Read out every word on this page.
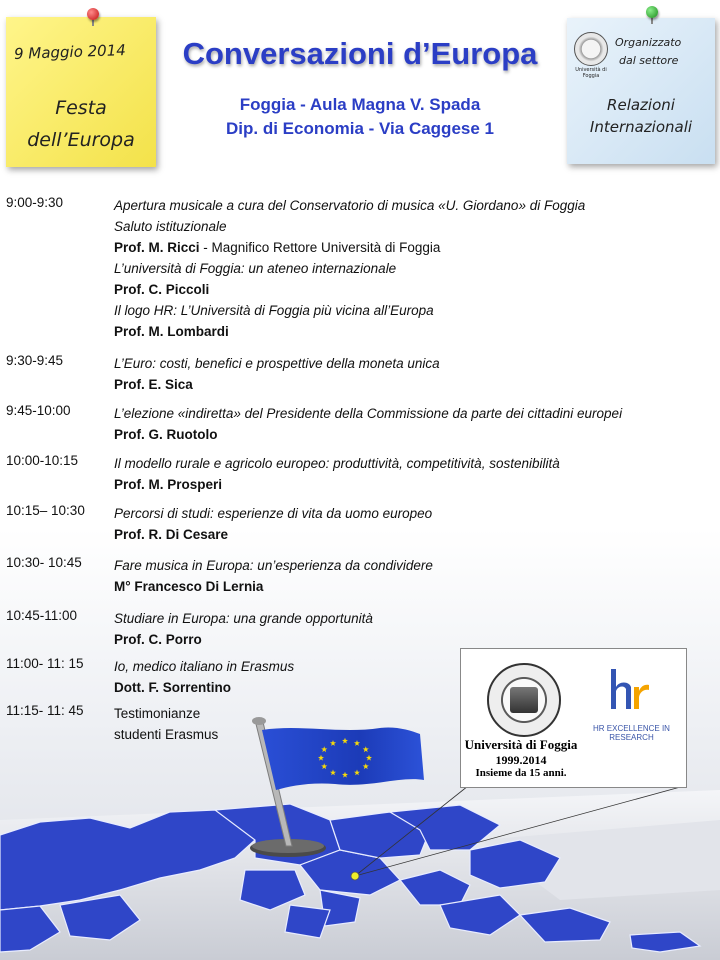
9 Maggio 2014
Festa
dell’Europa
Università di Foggia
Organizzato
dal settore
Relazioni
Internazionali
Conversazioni d’Europa
Foggia - Aula Magna V. Spada
Dip. di Economia - Via Caggese 1
9:00-9:30	Apertura musicale a cura del Conservatorio di musica «U. Giordano» di Foggia
Saluto istituzionale
Prof. M. Ricci - Magnifico Rettore Università di Foggia
L’università di Foggia: un ateneo internazionale
Prof. C. Piccoli
Il logo HR: L’Università di Foggia più vicina all’Europa
Prof. M. Lombardi
9:30-9:45	L’Euro: costi, benefici e prospettive della moneta unica
Prof. E. Sica
9:45-10:00	L’elezione «indiretta» del Presidente della Commissione da parte dei cittadini europei
Prof. G. Ruotolo
10:00-10:15	Il modello rurale e agricolo europeo: produttività, competitività, sostenibilità
Prof. M. Prosperi
10:15– 10:30	Percorsi di studi: esperienze di vita da uomo europeo
Prof. R. Di Cesare
10:30- 10:45	Fare musica in Europa: un’esperienza da condividere
M° Francesco Di Lernia
10:45-11:00	Studiare in Europa: una grande opportunità
Prof. C. Porro
11:00- 11: 15	Io, medico italiano in Erasmus
Dott. F. Sorrentino
11:15- 11: 45	Testimonianze
studenti Erasmus
Università di Foggia
1999.2014
Insieme da 15 anni.
HR EXCELLENCE IN RESEARCH
